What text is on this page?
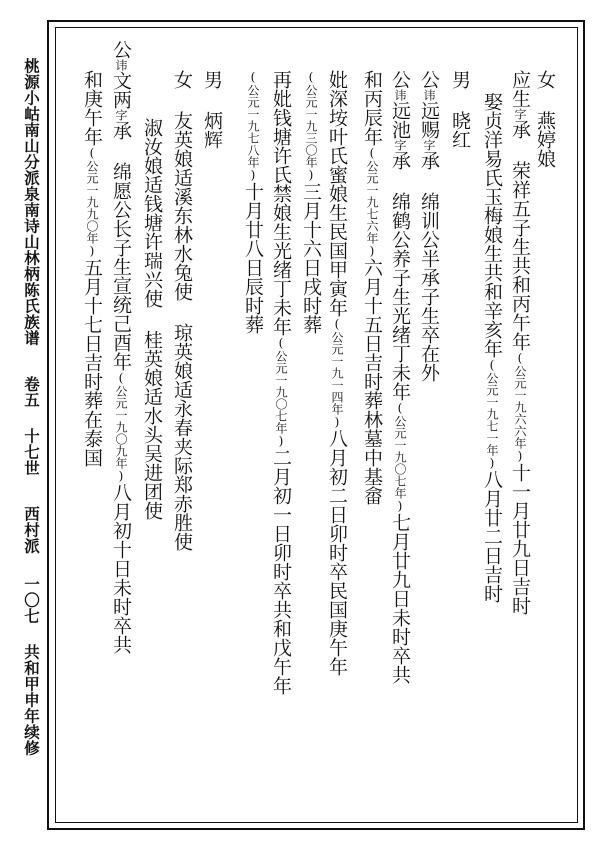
桃源小岵南山分派泉南诗山林柄陈氏族谱卷五十七世西村派一〇七共和甲申年续修
女 燕婷娘
应生字承 荣祥五子生共和丙午年(公元一九六六年)十一月廿九日吉时
娶贞洋易氏玉梅娘生共和辛亥年(公元一九七一年)八月廿二日吉时
男 晓红
公讳远赐字承 绵训公半承子生卒在外
公讳远池字承 绵鹤公养子生光绪丁未年(公元一九〇七年)七月廿九日未时卒共
和丙辰年(公元一九七六年)六月十五日吉时葬林墓中基畲
妣深垵叶氏蜜娘生民国甲寅年(公元一九一四年)八月初二日卯时卒民国庚午年
(公元一九三〇年)三月十六日戌时葬
再妣钱塘许氏禁娘生光绪丁未年(公元一九〇七年)二月初一日卯时卒共和戊午年
(公元一九七八年)十月廿八日辰时葬
男 炳辉
女 友英娘适溪东林水兔使 琼英娘适永春夹际郑赤胜使
淑汝娘适钱塘许瑞兴使 桂英娘适水头吴进团使
公讳文两字承 绵愿公长子生宣统己酉年(公元一九〇九年)八月初十日未时卒共
和庚午年(公元一九九〇年)五月十七日吉时葬在泰国
